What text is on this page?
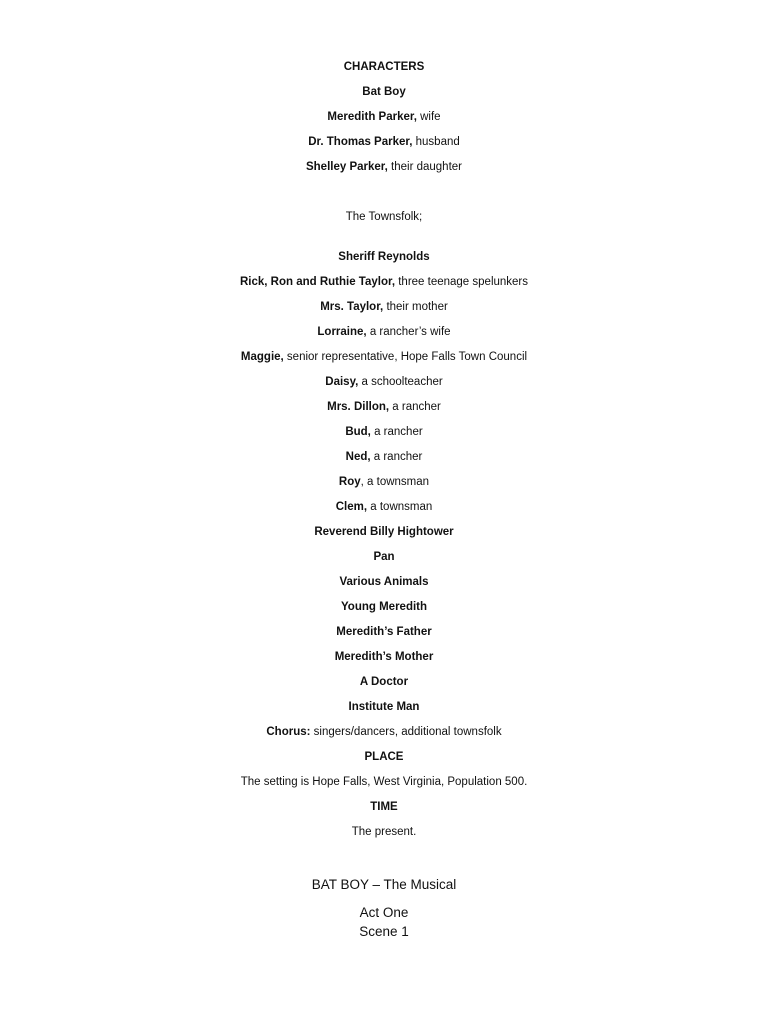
CHARACTERS
Bat Boy
Meredith Parker, wife
Dr. Thomas Parker, husband
Shelley Parker, their daughter
The Townsfolk;
Sheriff Reynolds
Rick, Ron and Ruthie Taylor, three teenage spelunkers
Mrs. Taylor, their mother
Lorraine, a rancher’s wife
Maggie, senior representative, Hope Falls Town Council
Daisy, a schoolteacher
Mrs. Dillon, a rancher
Bud, a rancher
Ned, a rancher
Roy, a townsman
Clem, a townsman
Reverend Billy Hightower
Pan
Various Animals
Young Meredith
Meredith’s Father
Meredith’s Mother
A Doctor
Institute Man
Chorus: singers/dancers, additional townsfolk
PLACE
The setting is Hope Falls, West Virginia, Population 500.
TIME
The present.
BAT BOY – The Musical
Act One
Scene 1
